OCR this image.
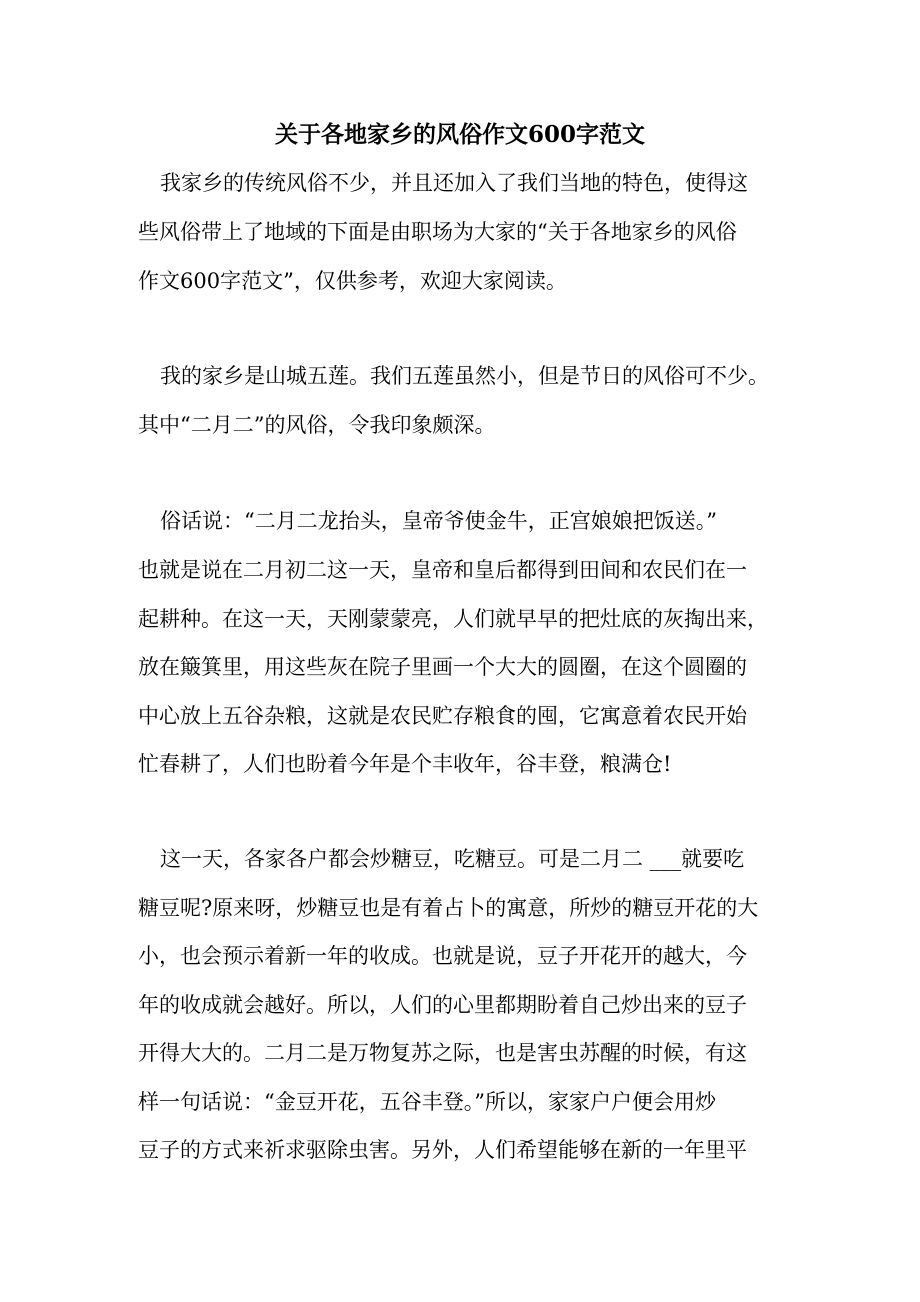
关于各地家乡的风俗作文600字范文
我家乡的传统风俗不少，并且还加入了我们当地的特色，使得这
些风俗带上了地域的下面是由职场为大家的“关于各地家乡的风俗
作文600字范文”，仅供参考，欢迎大家阅读。
我的家乡是山城五莲。我们五莲虽然小，但是节日的风俗可不少。
其中“二月二”的风俗，令我印象颇深。
俗话说：“二月二龙抬头，皇帝爷使金牛，正宫娘娘把饭送。”
也就是说在二月初二这一天，皇帝和皇后都得到田间和农民们在一
起耕种。在这一天，天刚蒙蒙亮，人们就早早的把灶底的灰掏出来，
放在簸箕里，用这些灰在院子里画一个大大的圆圈，在这个圆圈的
中心放上五谷杂粮，这就是农民贮存粮食的囤，它寓意着农民开始
忙春耕了，人们也盼着今年是个丰收年，谷丰登，粮满仓!
这一天，各家各户都会炒糖豆，吃糖豆。可是二月二 ___就要吃
糖豆呢?原来呀，炒糖豆也是有着占卜的寓意，所炒的糖豆开花的大
小，也会预示着新一年的收成。也就是说，豆子开花开的越大，今
年的收成就会越好。所以，人们的心里都期盼着自己炒出来的豆子
开得大大的。二月二是万物复苏之际，也是害虫苏醒的时候，有这
样一句话说：“金豆开花，五谷丰登。”所以，家家户户便会用炒
豆子的方式来祈求驱除虫害。另外，人们希望能够在新的一年里平
